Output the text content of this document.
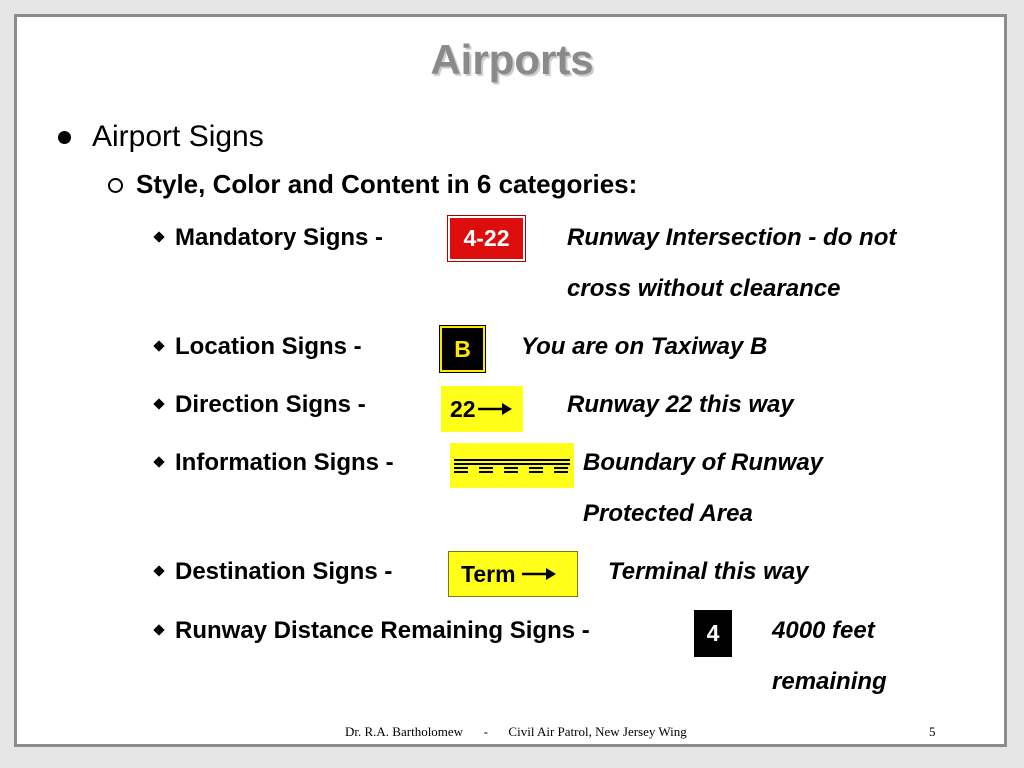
Airports
Airport Signs
Style, Color and Content in 6 categories:
Mandatory Signs -	4-22 Runway Intersection - do not
cross without clearance
Location Signs -	B You are on Taxiway B
Direction Signs -	22	Runway 22 this way
Information Signs -	Boundary of Runway
Protected Area
Destination Signs -	Term	Terminal this way
Runway Distance Remaining Signs -	4 4000 feet
remaining
Dr. R.A. Bartholomew - Civil Air Patrol, New Jersey Wing	5
